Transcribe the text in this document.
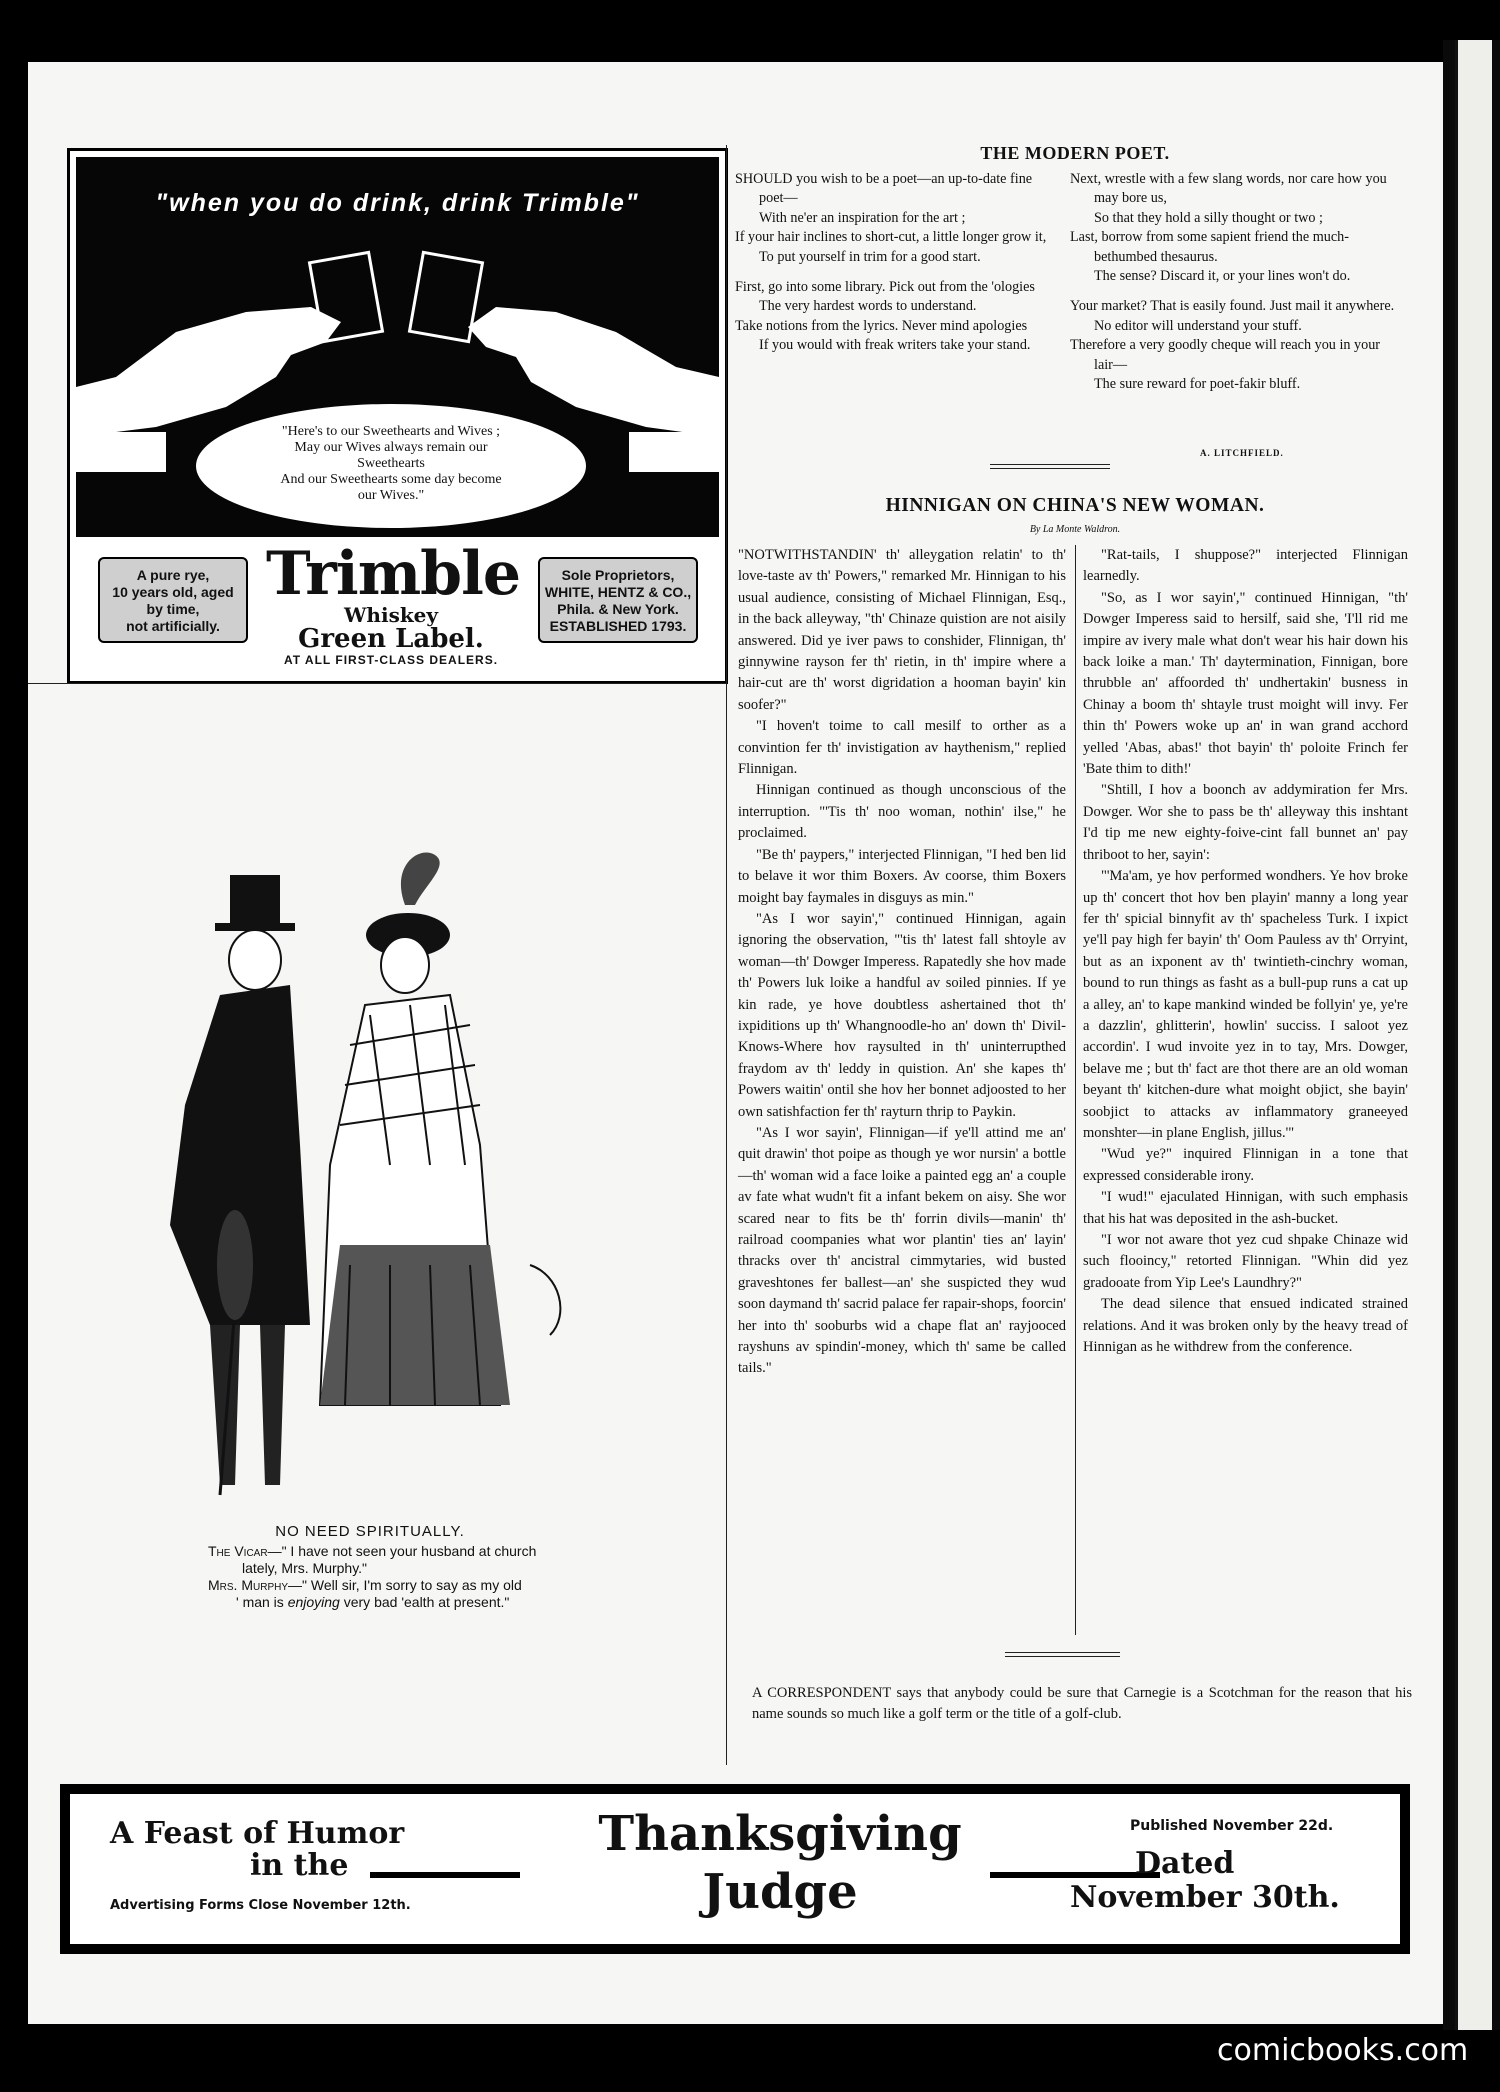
"when you do drink, drink Trimble"
"Here's to our Sweethearts and Wives ;
May our Wives always remain our
Sweethearts
And our Sweethearts some day become
our Wives."
A pure rye,
10 years old, aged
by time,
not artificially.
Trimble
Whiskey
Green Label.
AT ALL FIRST-CLASS DEALERS.
Sole Proprietors,
WHITE, HENTZ & CO.,
Phila. & New York.
ESTABLISHED 1793.
NO NEED SPIRITUALLY.
The Vicar—" I have not seen your husband at church
lately, Mrs. Murphy."
Mrs. Murphy—" Well sir, I'm sorry to say as my old
' man is enjoying very bad 'ealth at present."
THE MODERN POET.

SHOULD you wish to be a poet—an up-to-date fine poet—

With ne'er an inspiration for the art ;

If your hair inclines to short-cut, a little longer grow it,

To put yourself in trim for a good start.

First, go into some library. Pick out from the 'ologies

The very hardest words to understand.

Take notions from the lyrics. Never mind apologies

If you would with freak writers take your stand.

Next, wrestle with a few slang words, nor care how you may bore us,

So that they hold a silly thought or two ;

Last, borrow from some sapient friend the much-bethumbed thesaurus.

The sense? Discard it, or your lines won't do.

Your market? That is easily found. Just mail it anywhere.

No editor will understand your stuff.

Therefore a very goodly cheque will reach you in your lair—

The sure reward for poet-fakir bluff.

A. LITCHFIELD.
HINNIGAN ON CHINA'S NEW WOMAN.
By La Monte Waldron.

"NOTWITHSTANDIN' th' alleygation relatin' to th' love-taste av th' Powers," remarked Mr. Hinnigan to his usual audience, consisting of Michael Flinnigan, Esq., in the back alleyway, "th' Chinaze quistion are not aisily answered. Did ye iver paws to conshider, Flinnigan, th' ginnywine rayson fer th' rietin, in th' impire where a hair-cut are th' worst digridation a hooman bayin' kin soofer?"

"I hoven't toime to call mesilf to orther as a convintion fer th' invistigation av haythenism," replied Flinnigan.

Hinnigan continued as though unconscious of the interruption. "'Tis th' noo woman, nothin' ilse," he proclaimed.

"Be th' paypers," interjected Flinnigan, "I hed ben lid to belave it wor thim Boxers. Av coorse, thim Boxers moight bay faymales in disguys as min."

"As I wor sayin'," continued Hinnigan, again ignoring the observation, "'tis th' latest fall shtoyle av woman—th' Dowger Imperess. Rapatedly she hov made th' Powers luk loike a handful av soiled pinnies. If ye kin rade, ye hove doubtless ashertained thot th' ixpiditions up th' Whangnoodle-ho an' down th' Divil-Knows-Where hov raysulted in th' uninterrupthed fraydom av th' leddy in quistion. An' she kapes th' Powers waitin' ontil she hov her bonnet adjoosted to her own satishfaction fer th' rayturn thrip to Paykin.

"As I wor sayin', Flinnigan—if ye'll attind me an' quit drawin' thot poipe as though ye wor nursin' a bottle—th' woman wid a face loike a painted egg an' a couple av fate what wudn't fit a infant bekem on aisy. She wor scared near to fits be th' forrin divils—manin' th' railroad coompanies what wor plantin' ties an' layin' thracks over th' ancistral cimmytaries, wid busted graveshtones fer ballest—an' she suspicted they wud soon daymand th' sacrid palace fer rapair-shops, foorcin' her into th' sooburbs wid a chape flat an' rayjooced rayshuns av spindin'-money, which th' same be called tails."

"Rat-tails, I shuppose?" interjected Flinnigan learnedly.

"So, as I wor sayin'," continued Hinnigan, "th' Dowger Imperess said to hersilf, said she, 'I'll rid me impire av ivery male what don't wear his hair down his back loike a man.' Th' daytermination, Finnigan, bore thrubble an' affoorded th' undhertakin' busness in Chinay a boom th' shtayle trust moight will invy. Fer thin th' Powers woke up an' in wan grand acchord yelled 'Abas, abas!' thot bayin' th' poloite Frinch fer 'Bate thim to dith!'

"Shtill, I hov a boonch av addymiration fer Mrs. Dowger. Wor she to pass be th' alleyway this inshtant I'd tip me new eighty-foive-cint fall bunnet an' pay thriboot to her, sayin':

"'Ma'am, ye hov performed wondhers. Ye hov broke up th' concert thot hov ben playin' manny a long year fer th' spicial binnyfit av th' spacheless Turk. I ixpict ye'll pay high fer bayin' th' Oom Pauless av th' Orryint, but as an ixponent av th' twintieth-cinchry woman, bound to run things as fasht as a bull-pup runs a cat up a alley, an' to kape mankind winded be follyin' ye, ye're a dazzlin', ghlitterin', howlin' succiss. I saloot yez accordin'. I wud invoite yez in to tay, Mrs. Dowger, belave me ; but th' fact are thot there are an old woman beyant th' kitchen-dure what moight objict, she bayin' soobjict to attacks av inflammatory graneeyed monshter—in plane English, jillus.'"

"Wud ye?" inquired Flinnigan in a tone that expressed considerable irony.

"I wud!" ejaculated Hinnigan, with such emphasis that his hat was deposited in the ash-bucket.

"I wor not aware thot yez cud shpake Chinaze wid such flooincy," retorted Flinnigan. "Whin did yez gradooate from Yip Lee's Laundhry?"

The dead silence that ensued indicated strained relations. And it was broken only by the heavy tread of Hinnigan as he withdrew from the conference.

A CORRESPONDENT says that anybody could be sure that Carnegie is a Scotchman for the reason that his name sounds so much like a golf term or the title of a golf-club.
A Feast of Humor
in the
Advertising Forms Close November 12th.
Thanksgiving
Judge
Published November 22d.
Dated
November 30th.
comicbooks.com
